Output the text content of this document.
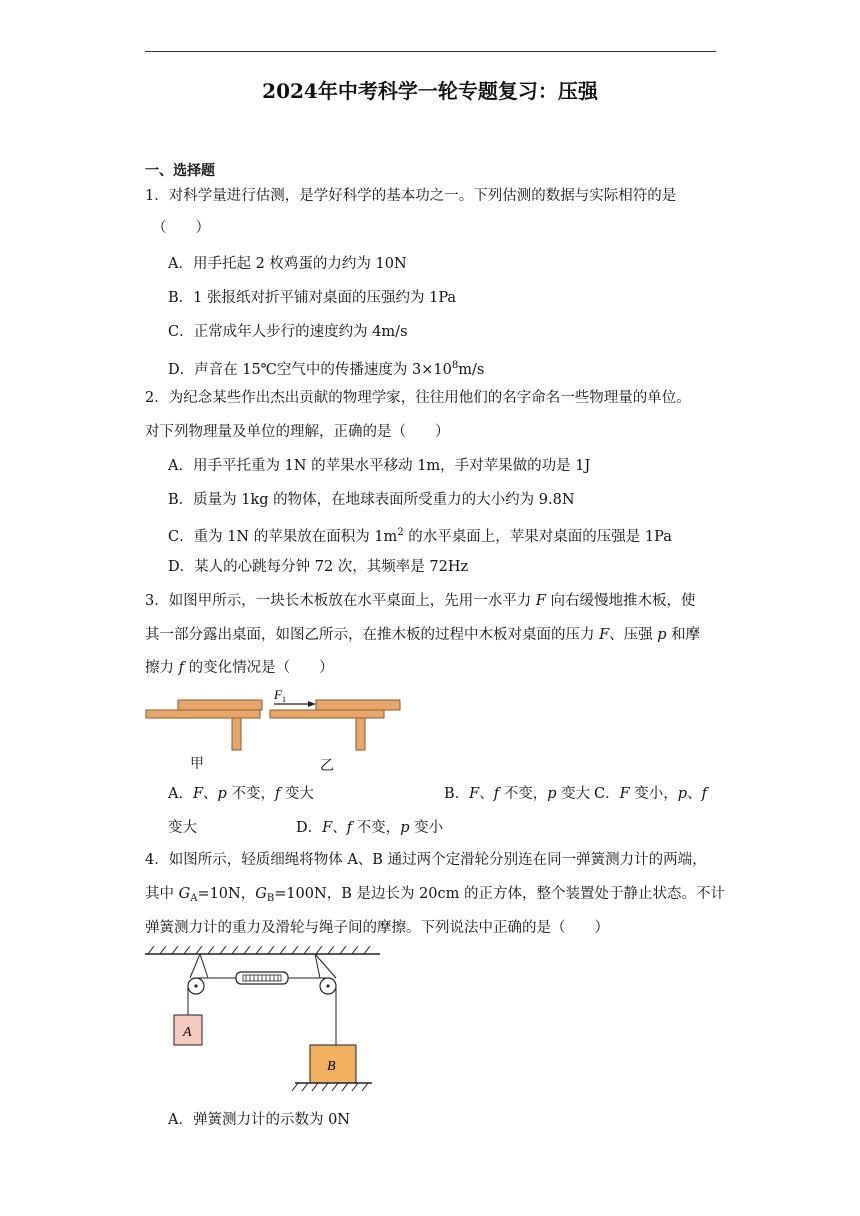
2024年中考科学一轮专题复习：压强
一、选择题
1．对科学量进行估测，是学好科学的基本功之一。下列估测的数据与实际相符的是
（　　）
A．用手托起 2 枚鸡蛋的力约为 10N
B．1 张报纸对折平铺对桌面的压强约为 1Pa
C．正常成年人步行的速度约为 4m/s
D．声音在 15℃空气中的传播速度为 $3\times 10^8m/s$
2．为纪念某些作出杰出贡献的物理学家，往往用他们的名字命名一些物理量的单位。
对下列物理量及单位的理解，正确的是（　　）
A．用手平托重为 1N 的苹果水平移动 1m，手对苹果做的功是 1J
B．质量为 1kg 的物体，在地球表面所受重力的大小约为 9.8N
C．重为 1N 的苹果放在面积为 $1m^2$ 的水平桌面上，苹果对桌面的压强是 1Pa
D．某人的心跳每分钟 72 次，其频率是 72Hz
3．如图甲所示，一块长木板放在水平桌面上，先用一水平力 F 向右缓慢地推木板，使
其一部分露出桌面，如图乙所示，在推木板的过程中木板对桌面的压力 F、压强 p 和摩
擦力 f 的变化情况是（　　）
F 1
甲	乙
A．F、p 不变，f 变大	B．F、f 不变，p 变大 C．F 变小，p、f
变大	D．F、f 不变，p 变小
4．如图所示，轻质细绳将物体 A、B 通过两个定滑轮分别连在同一弹簧测力计的两端，
其中 $G_A=10N$，$G_B=100N$，B 是边长为 20cm 的正方体，整个装置处于静止状态。不计
弹簧测力计的重力及滑轮与绳子间的摩擦。下列说法中正确的是（　　）
A
B
A．弹簧测力计的示数为 0N
